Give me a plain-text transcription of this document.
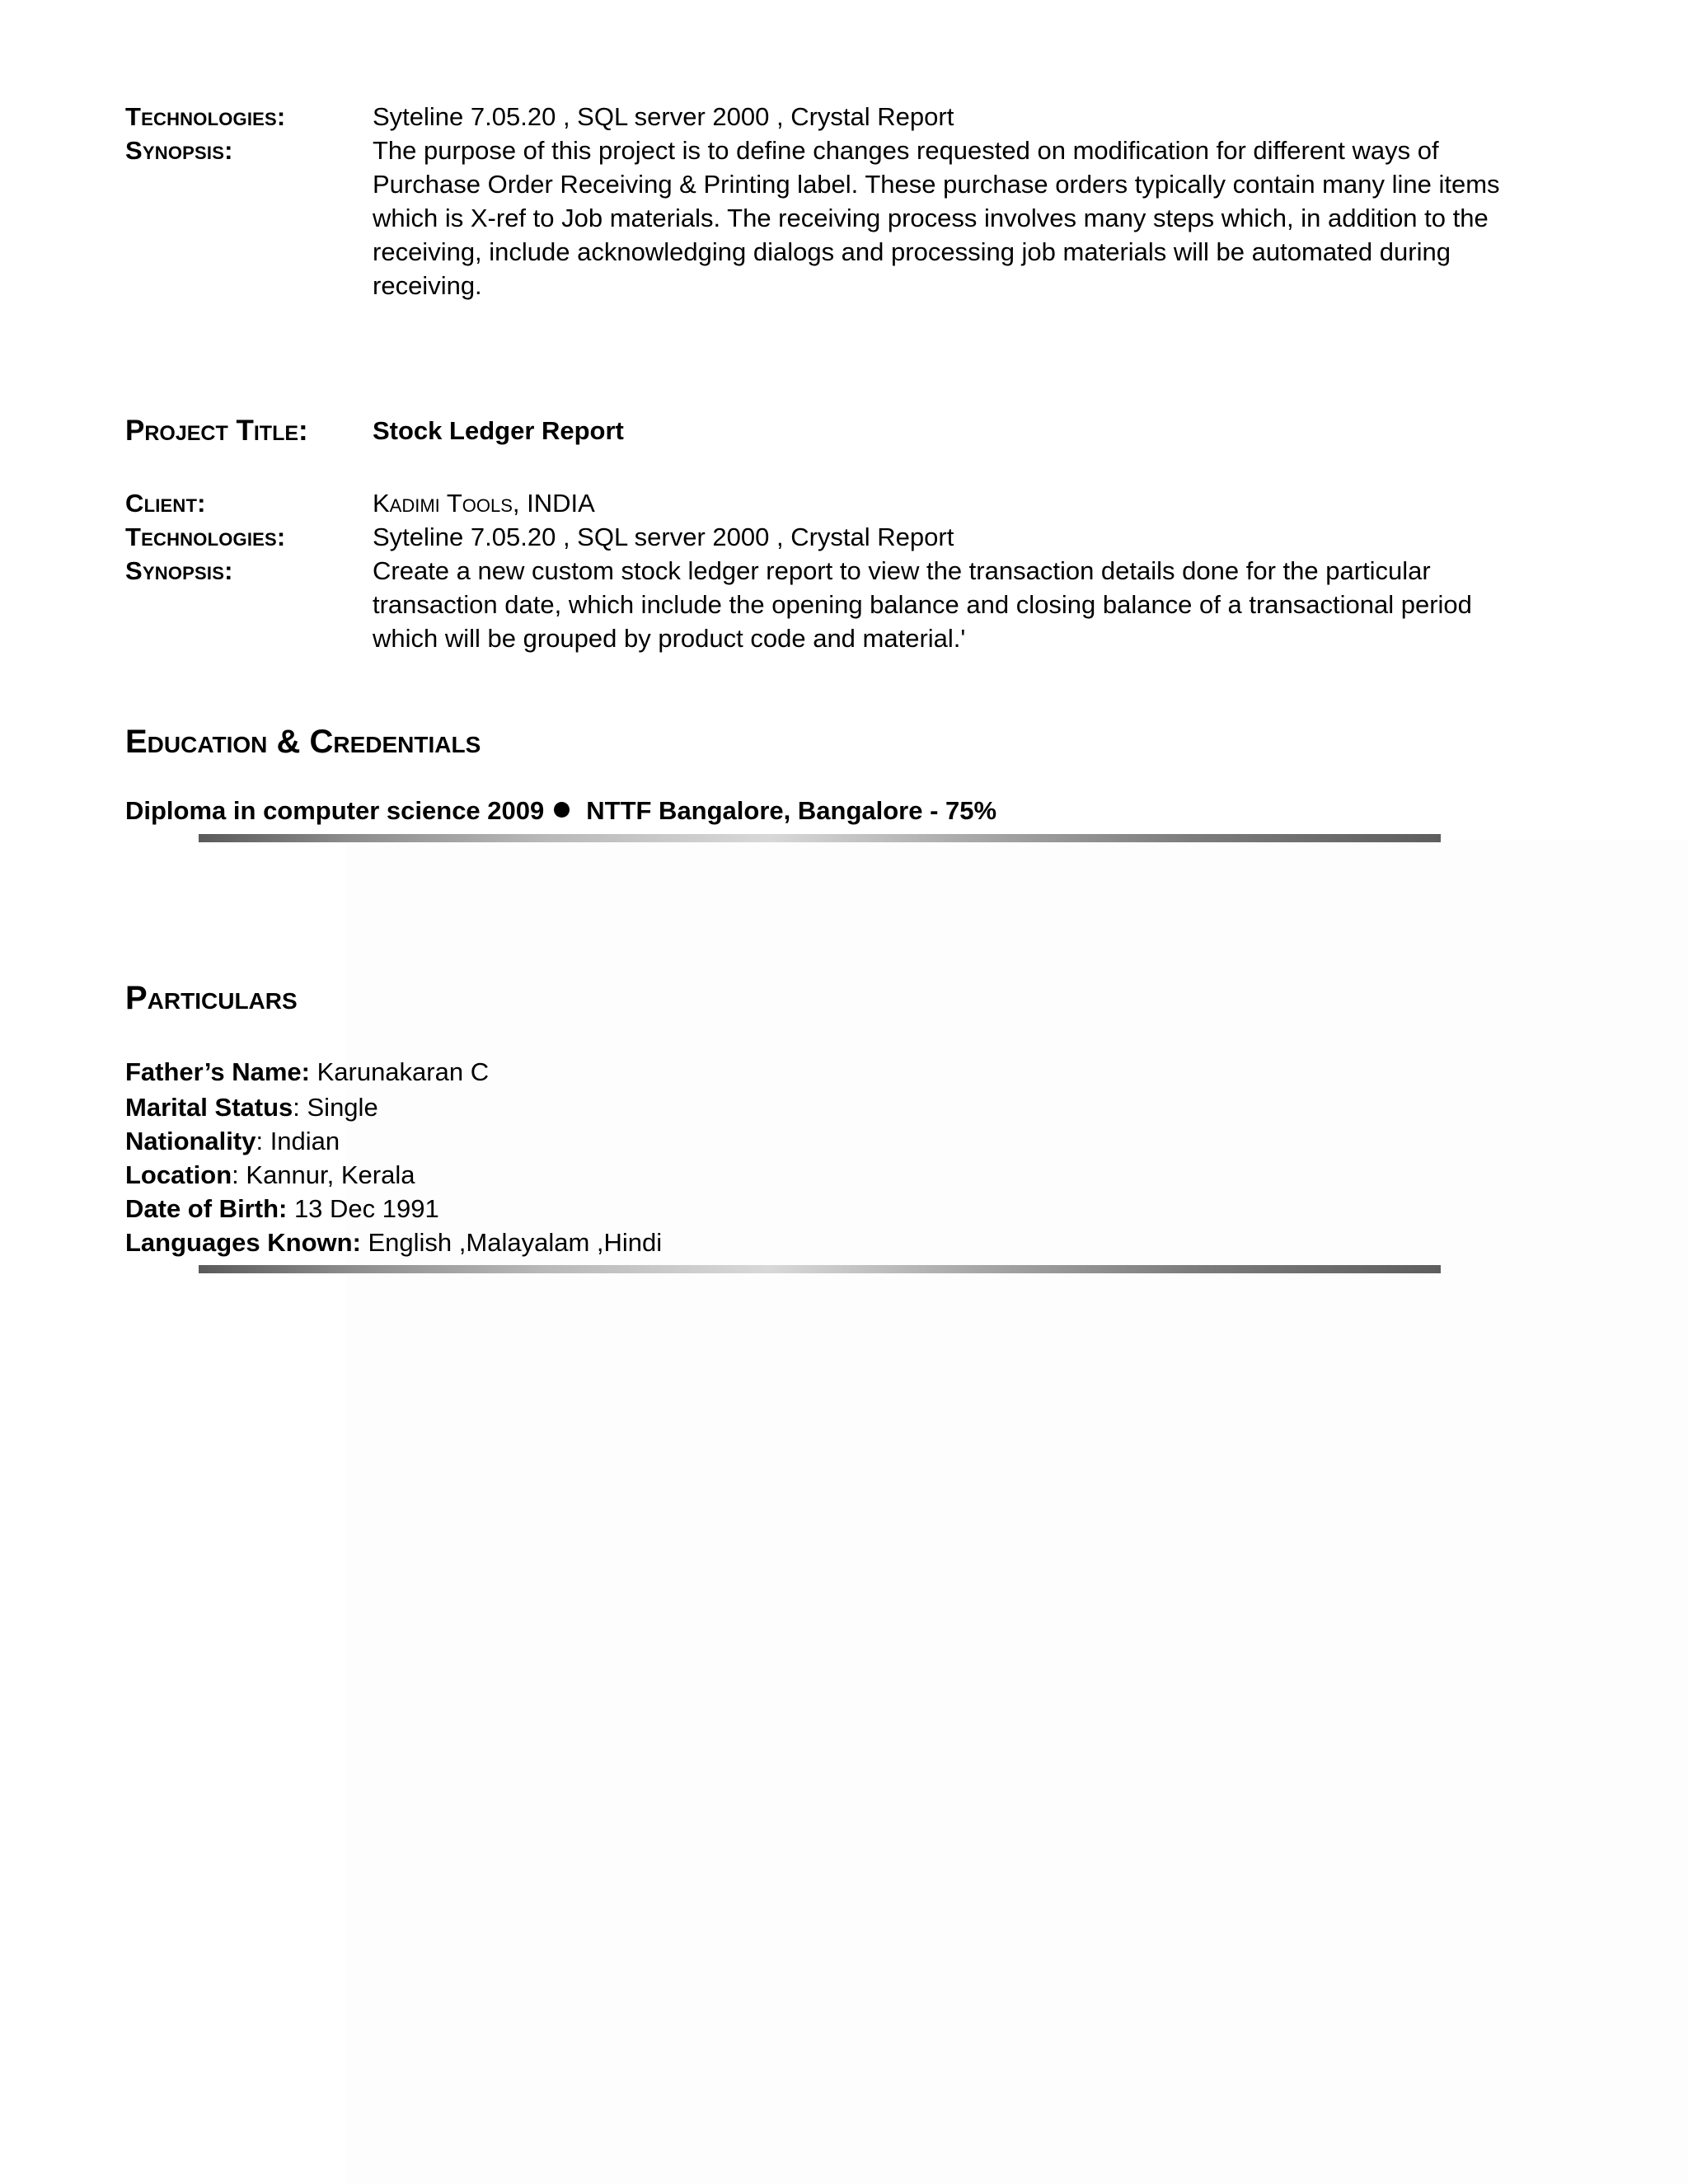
Technologies:	Syteline 7.05.20 , SQL server 2000 , Crystal Report
Synopsis:	The purpose of this project is to define changes requested on modification for different ways of
Purchase Order Receiving & Printing label. These purchase orders typically contain many line items
which is X-ref to Job materials. The receiving process involves many steps which, in addition to the
receiving, include acknowledging dialogs and processing job materials will be automated during
receiving.
Project Title:	Stock Ledger Report
Client:	Kadimi Tools, INDIA
Technologies:	Syteline 7.05.20 , SQL server 2000 , Crystal Report
Synopsis:	Create a new custom stock ledger report to view the transaction details done for the particular
transaction date, which include the opening balance and closing balance of a transactional period
which will be grouped by product code and material.'
Education & Credentials
Diploma in computer science 2009 NTTF Bangalore, Bangalore - 75%
Particulars
Father’s Name: Karunakaran C
Marital Status: Single
Nationality: Indian
Location: Kannur, Kerala
Date of Birth: 13 Dec 1991
Languages Known: English ,Malayalam ,Hindi
